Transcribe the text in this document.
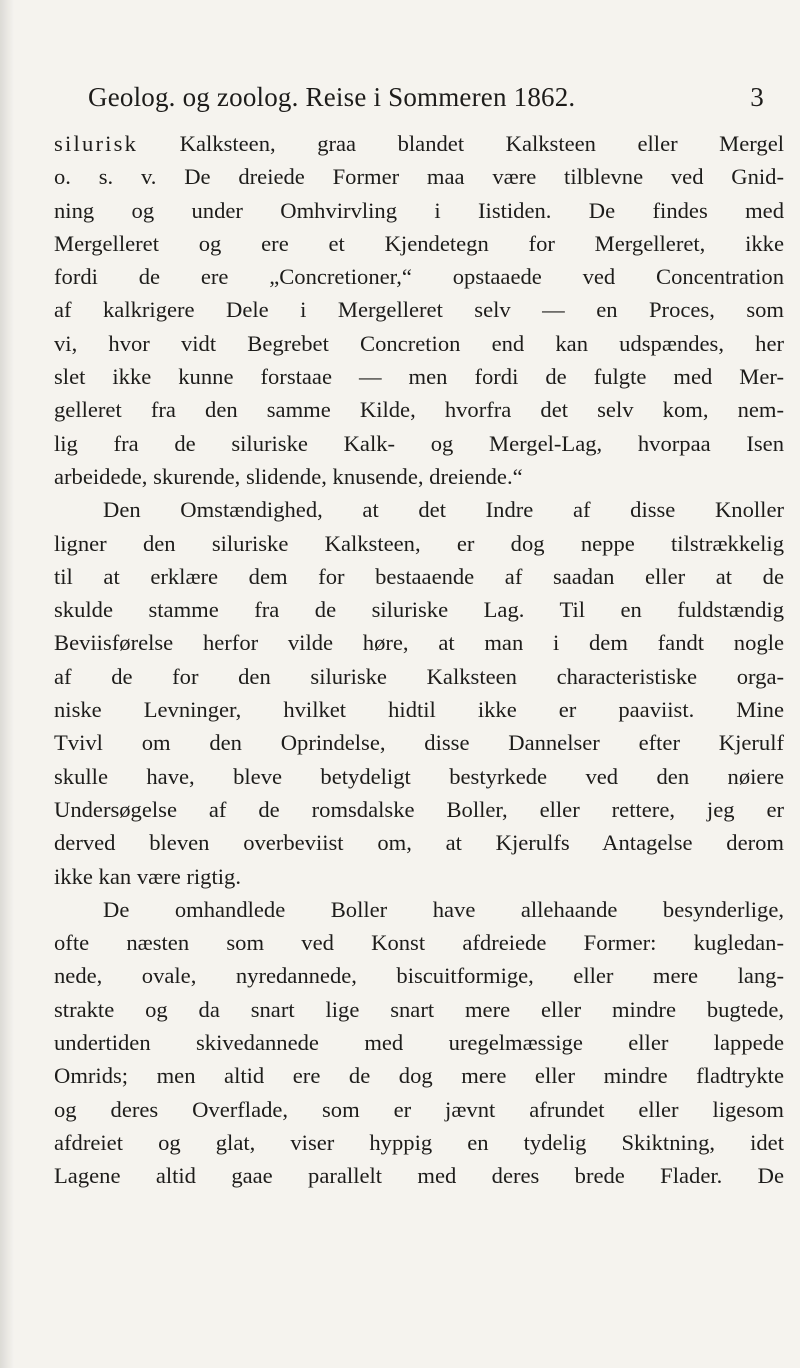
Geolog. og zoolog. Reise i Sommeren 1862.	3
silurisk Kalksteen, graa blandet Kalksteen eller Mergel
o. s. v. De dreiede Former maa være tilblevne ved Gnid-
ning og under Omhvirvling i Iistiden. De findes med
Mergelleret og ere et Kjendetegn for Mergelleret, ikke
fordi de ere „Concretioner,“ opstaaede ved Concentration
af kalkrigere Dele i Mergelleret selv — en Proces, som
vi, hvor vidt Begrebet Concretion end kan udspændes, her
slet ikke kunne forstaae — men fordi de fulgte med Mer-
gelleret fra den samme Kilde, hvorfra det selv kom, nem-
lig fra de siluriske Kalk- og Mergel-Lag, hvorpaa Isen
arbeidede, skurende, slidende, knusende, dreiende.“
Den Omstændighed, at det Indre af disse Knoller
ligner den siluriske Kalksteen, er dog neppe tilstrækkelig
til at erklære dem for bestaaende af saadan eller at de
skulde stamme fra de siluriske Lag. Til en fuldstændig
Beviisførelse herfor vilde høre, at man i dem fandt nogle
af de for den siluriske Kalksteen characteristiske orga-
niske Levninger, hvilket hidtil ikke er paaviist. Mine
Tvivl om den Oprindelse, disse Dannelser efter Kjerulf
skulle have, bleve betydeligt bestyrkede ved den nøiere
Undersøgelse af de romsdalske Boller, eller rettere, jeg er
derved bleven overbeviist om, at Kjerulfs Antagelse derom
ikke kan være rigtig.
De omhandlede Boller have allehaande besynderlige,
ofte næsten som ved Konst afdreiede Former: kugledan-
nede, ovale, nyredannede, biscuitformige, eller mere lang-
strakte og da snart lige snart mere eller mindre bugtede,
undertiden skivedannede med uregelmæssige eller lappede
Omrids; men altid ere de dog mere eller mindre fladtrykte
og deres Overflade, som er jævnt afrundet eller ligesom
afdreiet og glat, viser hyppig en tydelig Skiktning, idet
Lagene altid gaae parallelt med deres brede Flader. De
